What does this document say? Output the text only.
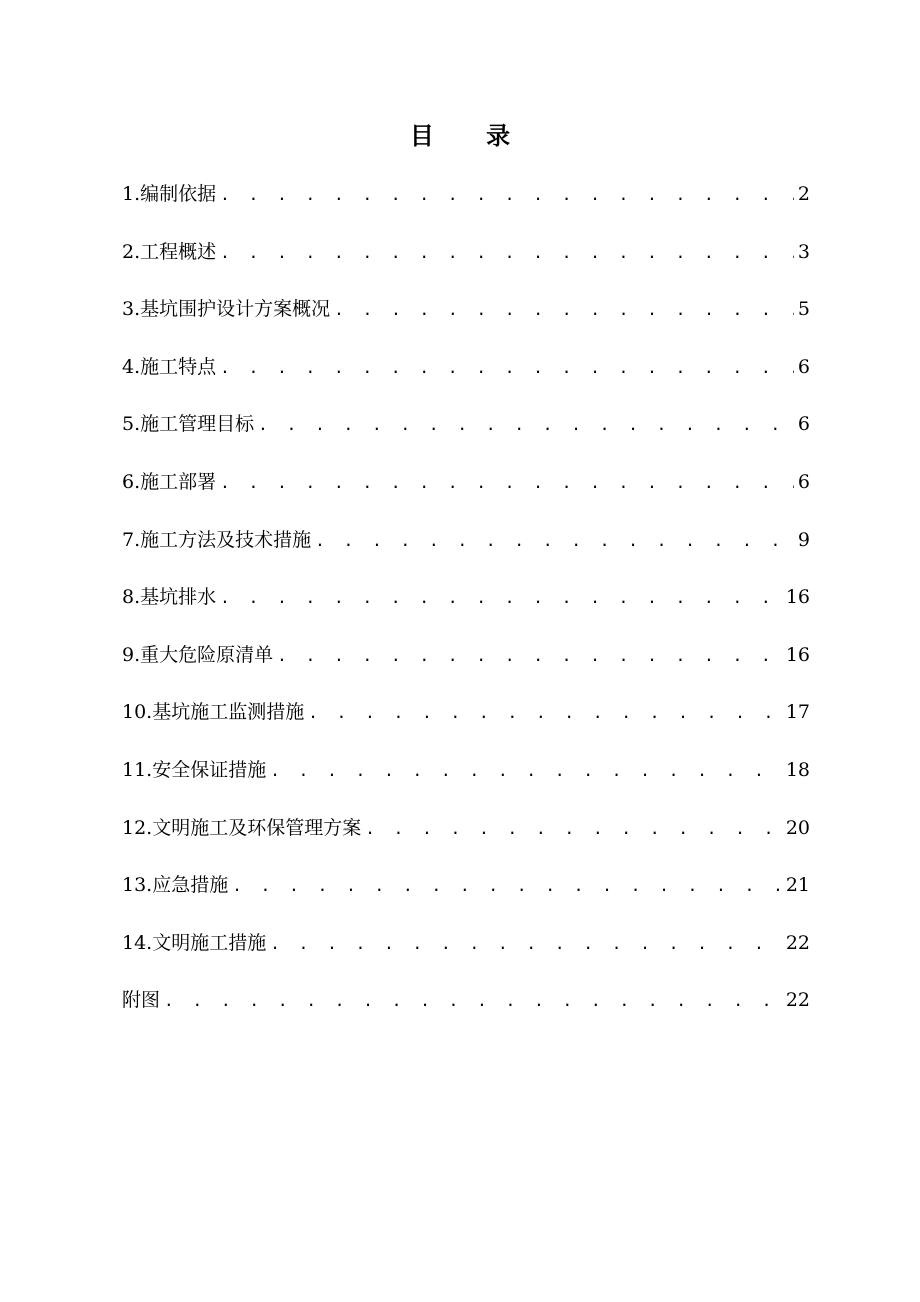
目 录
1.编制依据 . . .	2
2.工程概述 . . .	3
3.基坑围护设计方案概况 . . .	5
4.施工特点 . . .	6
5.施工管理目标 . . .	6
6.施工部署 . . .	6
7.施工方法及技术措施 . . .	9
8.基坑排水 . . .	16
9.重大危险原清单 . . .	16
10.基坑施工监测措施 . . .	17
11.安全保证措施 . . .	18
12.文明施工及环保管理方案 . . .	20
13.应急措施 . . .	21
14.文明施工措施 . . .	22
附图 . . .	22
